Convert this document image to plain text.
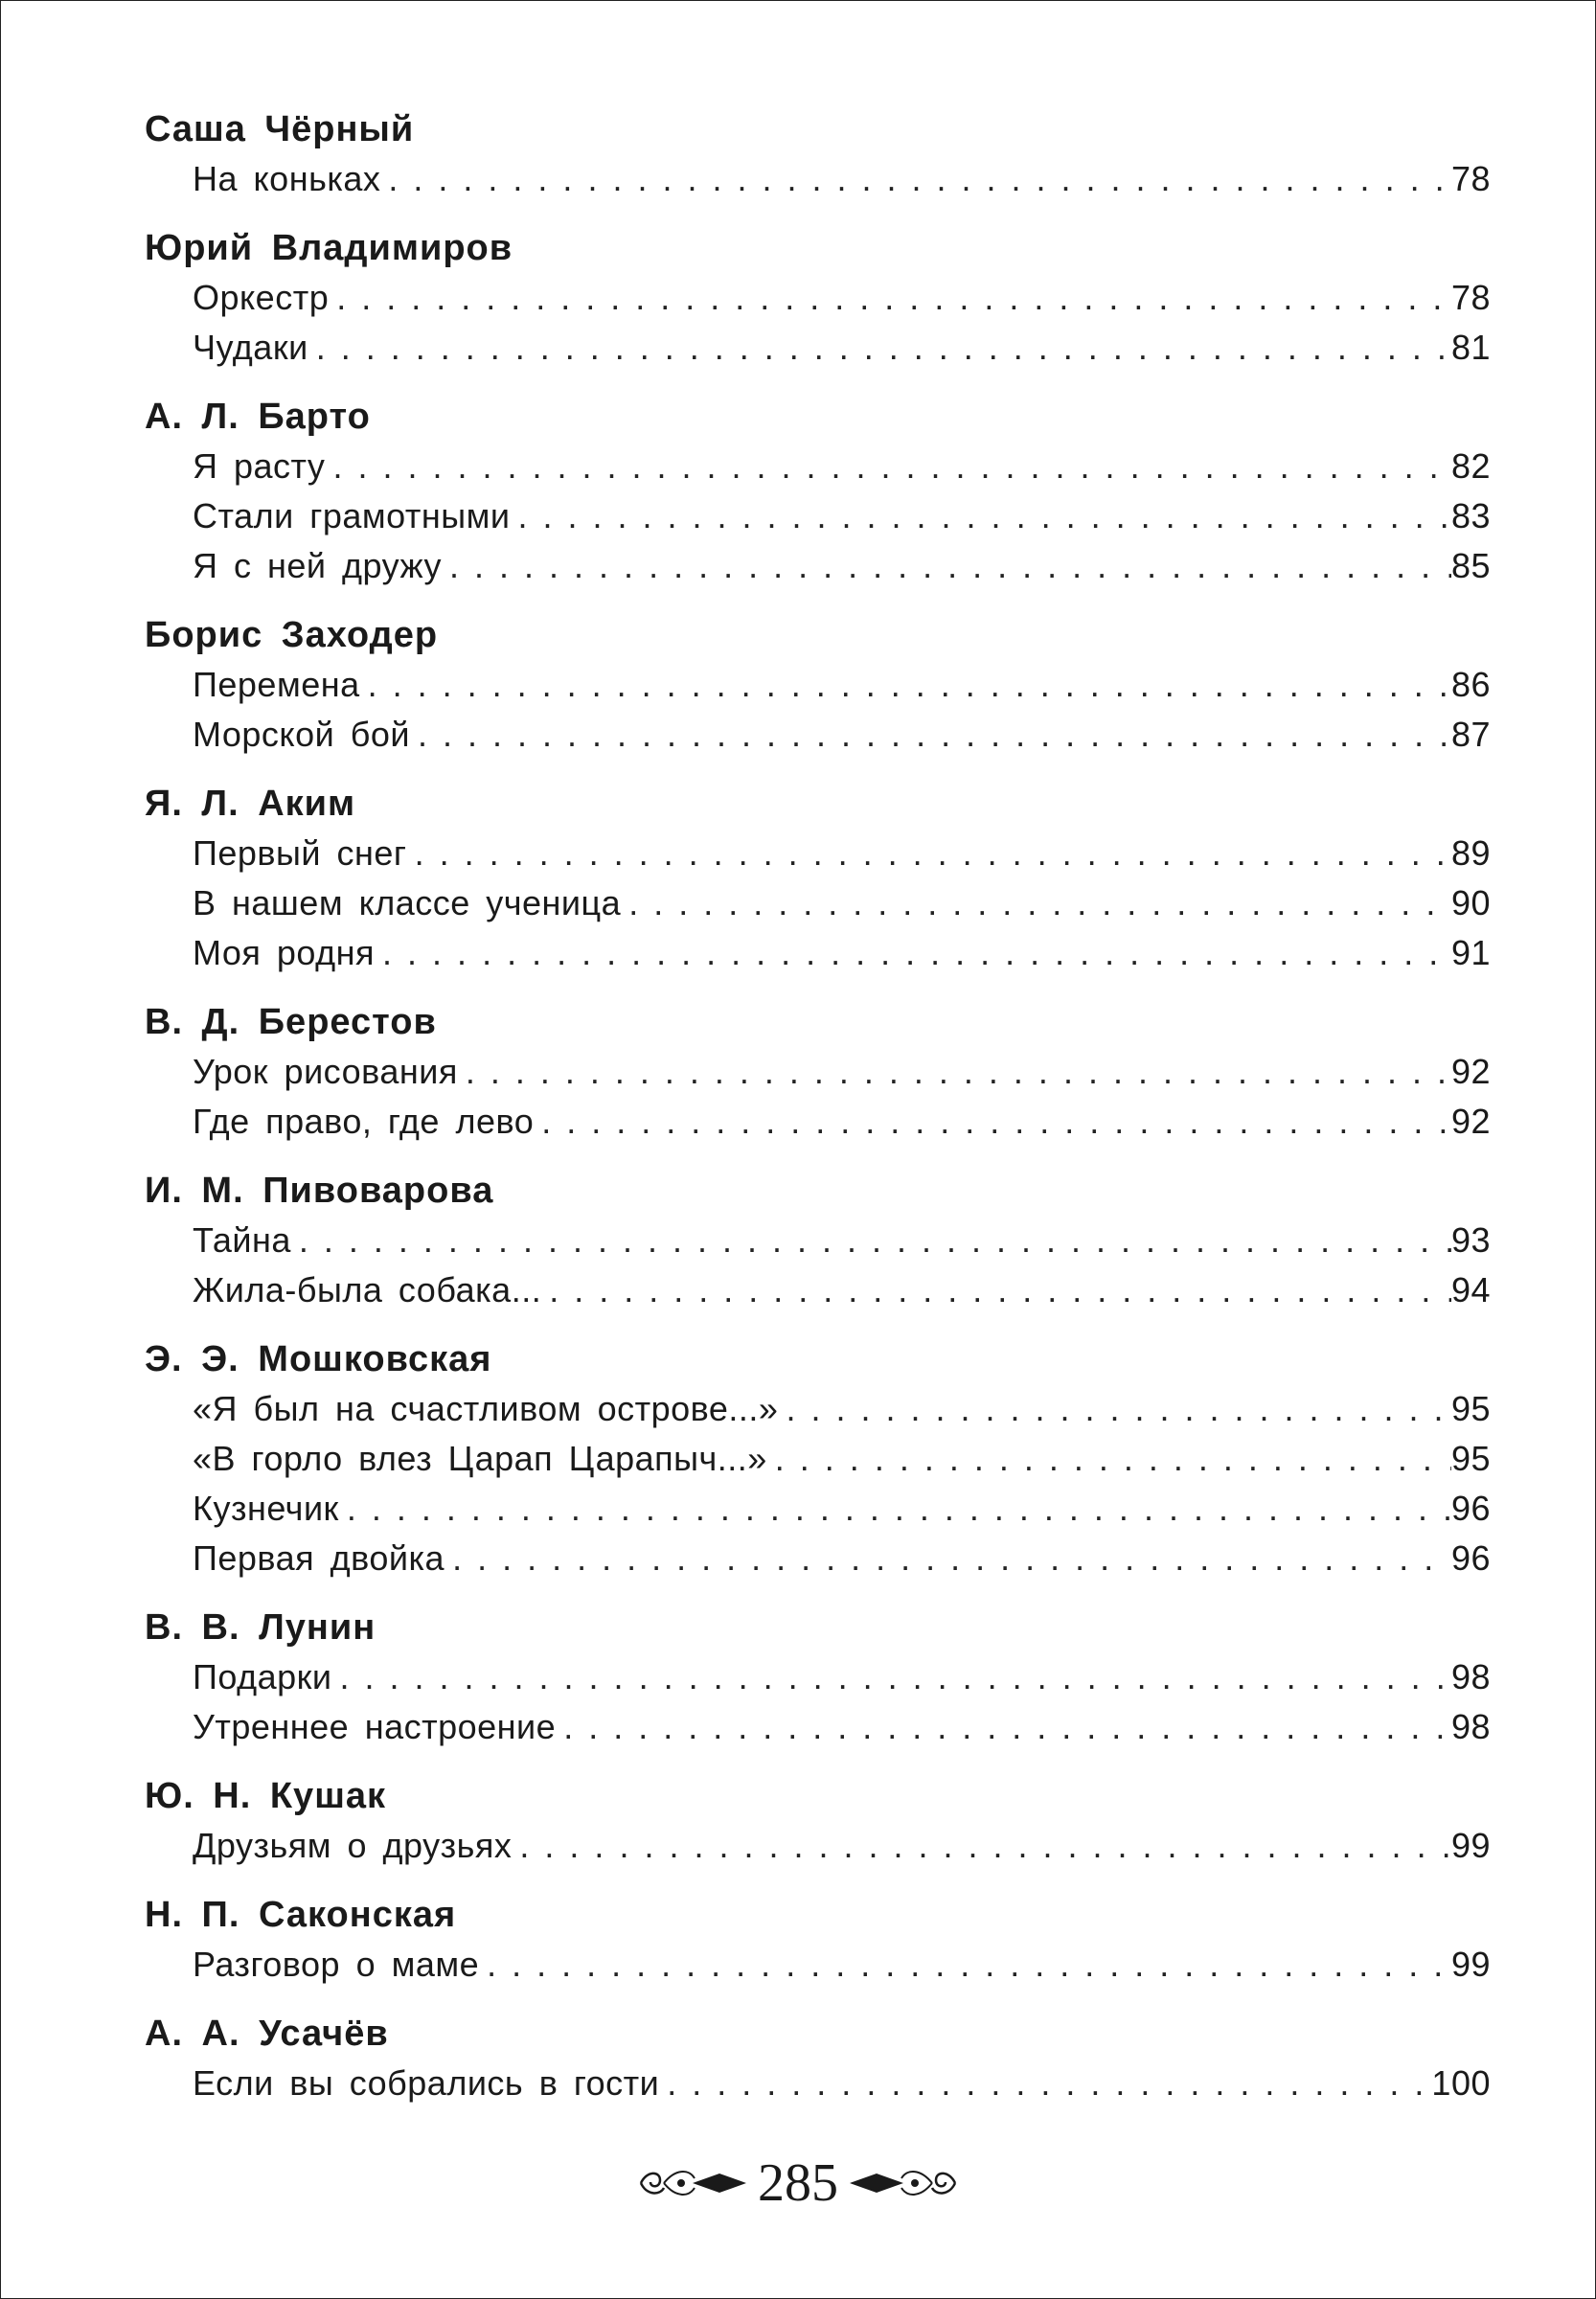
Саша Чёрный
На коньках . . .	78
Юрий Владимиров
Оркестр . . .	78
Чудаки . . .	81
А. Л. Барто
Я расту . . .	82
Стали грамотными . . .	83
Я с ней дружу . . .	85
Борис Заходер
Перемена . . .	86
Морской бой . . .	87
Я. Л. Аким
Первый снег . . .	89
В нашем классе ученица . . .	90
Моя родня . . .	91
В. Д. Берестов
Урок рисования . . .	92
Где право, где лево . . .	92
И. М. Пивоварова
Тайна . . .	93
Жила-была собака... . . .	94
Э. Э. Мошковская
«Я был на счастливом острове...» . . .	95
«В горло влез Царап Царапыч...» . . .	95
Кузнечик . . .	96
Первая двойка . . .	96
В. В. Лунин
Подарки . . .	98
Утреннее настроение . . .	98
Ю. Н. Кушак
Друзьям о друзьях . . .	99
Н. П. Саконская
Разговор о маме . . .	99
А. А. Усачёв
Если вы собрались в гости . . .	100
285
